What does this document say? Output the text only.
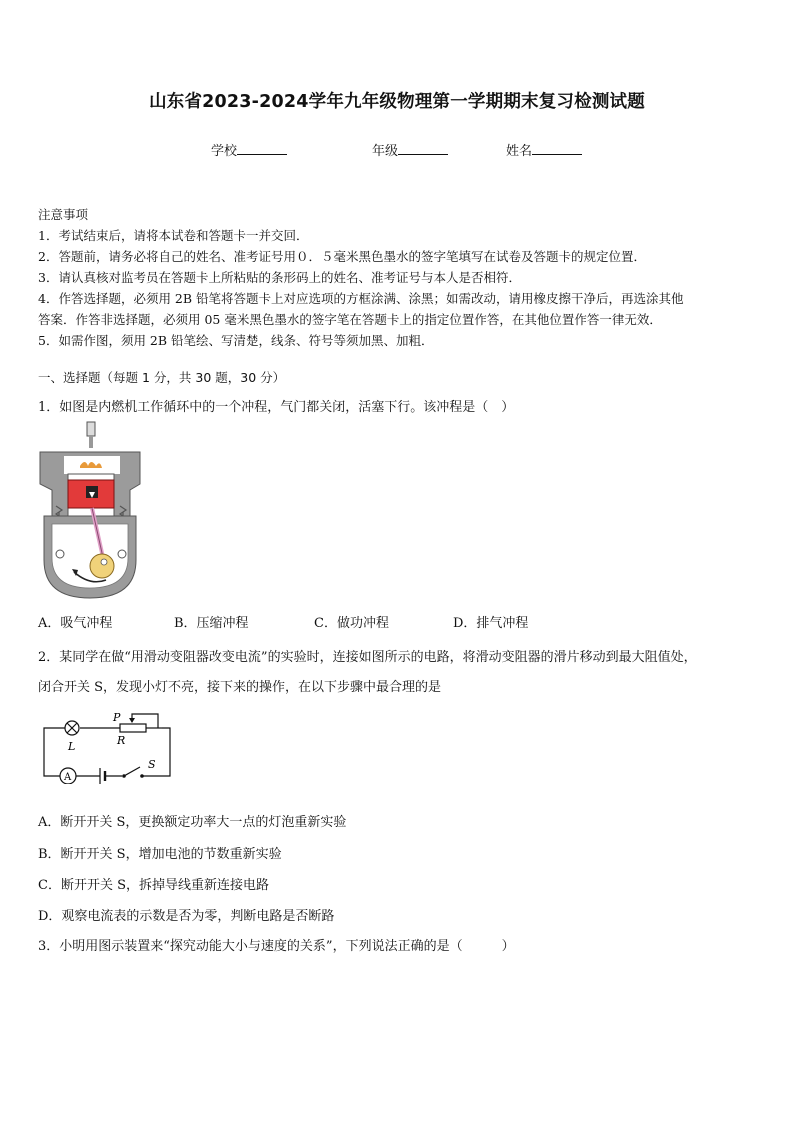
山东省2023-2024学年九年级物理第一学期期末复习检测试题
学校	年级	姓名
注意事项
1．考试结束后，请将本试卷和答题卡一并交回．
2．答题前，请务必将自己的姓名、准考证号用０．５毫米黑色墨水的签字笔填写在试卷及答题卡的规定位置．
3．请认真核对监考员在答题卡上所粘贴的条形码上的姓名、准考证号与本人是否相符．
4．作答选择题，必须用 2B 铅笔将答题卡上对应选项的方框涂满、涂黑；如需改动，请用橡皮擦干净后，再选涂其他
答案．作答非选择题，必须用 05 毫米黑色墨水的签字笔在答题卡上的指定位置作答，在其他位置作答一律无效．
5．如需作图，须用 2B 铅笔绘、写清楚，线条、符号等须加黑、加粗．
一、选择题（每题 1 分，共 30 题，30 分）
1．如图是内燃机工作循环中的一个冲程，气门都关闭，活塞下行。该冲程是（　）
A．吸气冲程	B．压缩冲程	C．做功冲程	D．排气冲程
2．某同学在做“用滑动变阻器改变电流”的实验时，连接如图所示的电路，将滑动变阻器的滑片移动到最大阻值处，
闭合开关 S，发现小灯不亮，接下来的操作，在以下步骤中最合理的是
P
R
L
A
S
A．断开开关 S，更换额定功率大一点的灯泡重新实验
B．断开开关 S，增加电池的节数重新实验
C．断开开关 S，拆掉导线重新连接电路
D．观察电流表的示数是否为零，判断电路是否断路
3．小明用图示装置来“探究动能大小与速度的关系”，下列说法正确的是（　　　）
